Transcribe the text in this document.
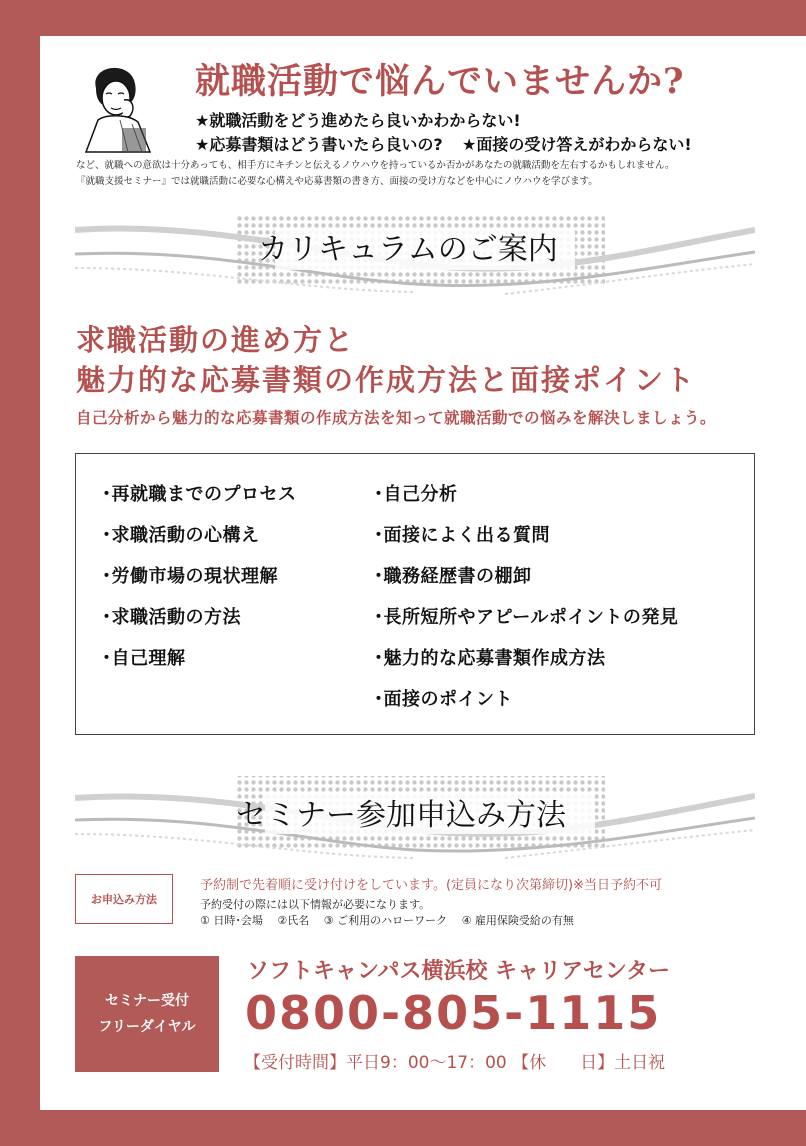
就職活動で悩んでいませんか?
★就職活動をどう進めたら良いかわからない!
★応募書類はどう書いたら良いの? ★面接の受け答えがわからない!
など、就職への意欲は十分あっても、相手方にキチンと伝えるノウハウを持っているか否かがあなたの就職活動を左右するかもしれません。
『就職支援セミナー』では就職活動に必要な心構えや応募書類の書き方、面接の受け方などを中心にノウハウを学びます。
カリキュラムのご案内
求職活動の進め方と
魅力的な応募書類の作成方法と面接ポイント
自己分析から魅力的な応募書類の作成方法を知って就職活動での悩みを解決しましょう。
･再就職までのプロセス
･求職活動の心構え
･労働市場の現状理解
･求職活動の方法
･自己理解
･自己分析
･面接によく出る質問
･職務経歴書の棚卸
･長所短所やアピールポイントの発見
･魅力的な応募書類作成方法
･面接のポイント
セミナー参加申込み方法
お申込み方法
予約制で先着順に受け付けをしています。(定員になり次第締切)※当日予約不可
予約受付の際には以下情報が必要になります。
① 日時･会場　 ②氏名　 ③ ご利用のハローワーク　 ④ 雇用保険受給の有無
セミナー受付
フリーダイヤル
ソフトキャンパス横浜校 キャリアセンター
0800-805-1115
【受付時間】平日9：00〜17：00 【休　　日】土日祝
